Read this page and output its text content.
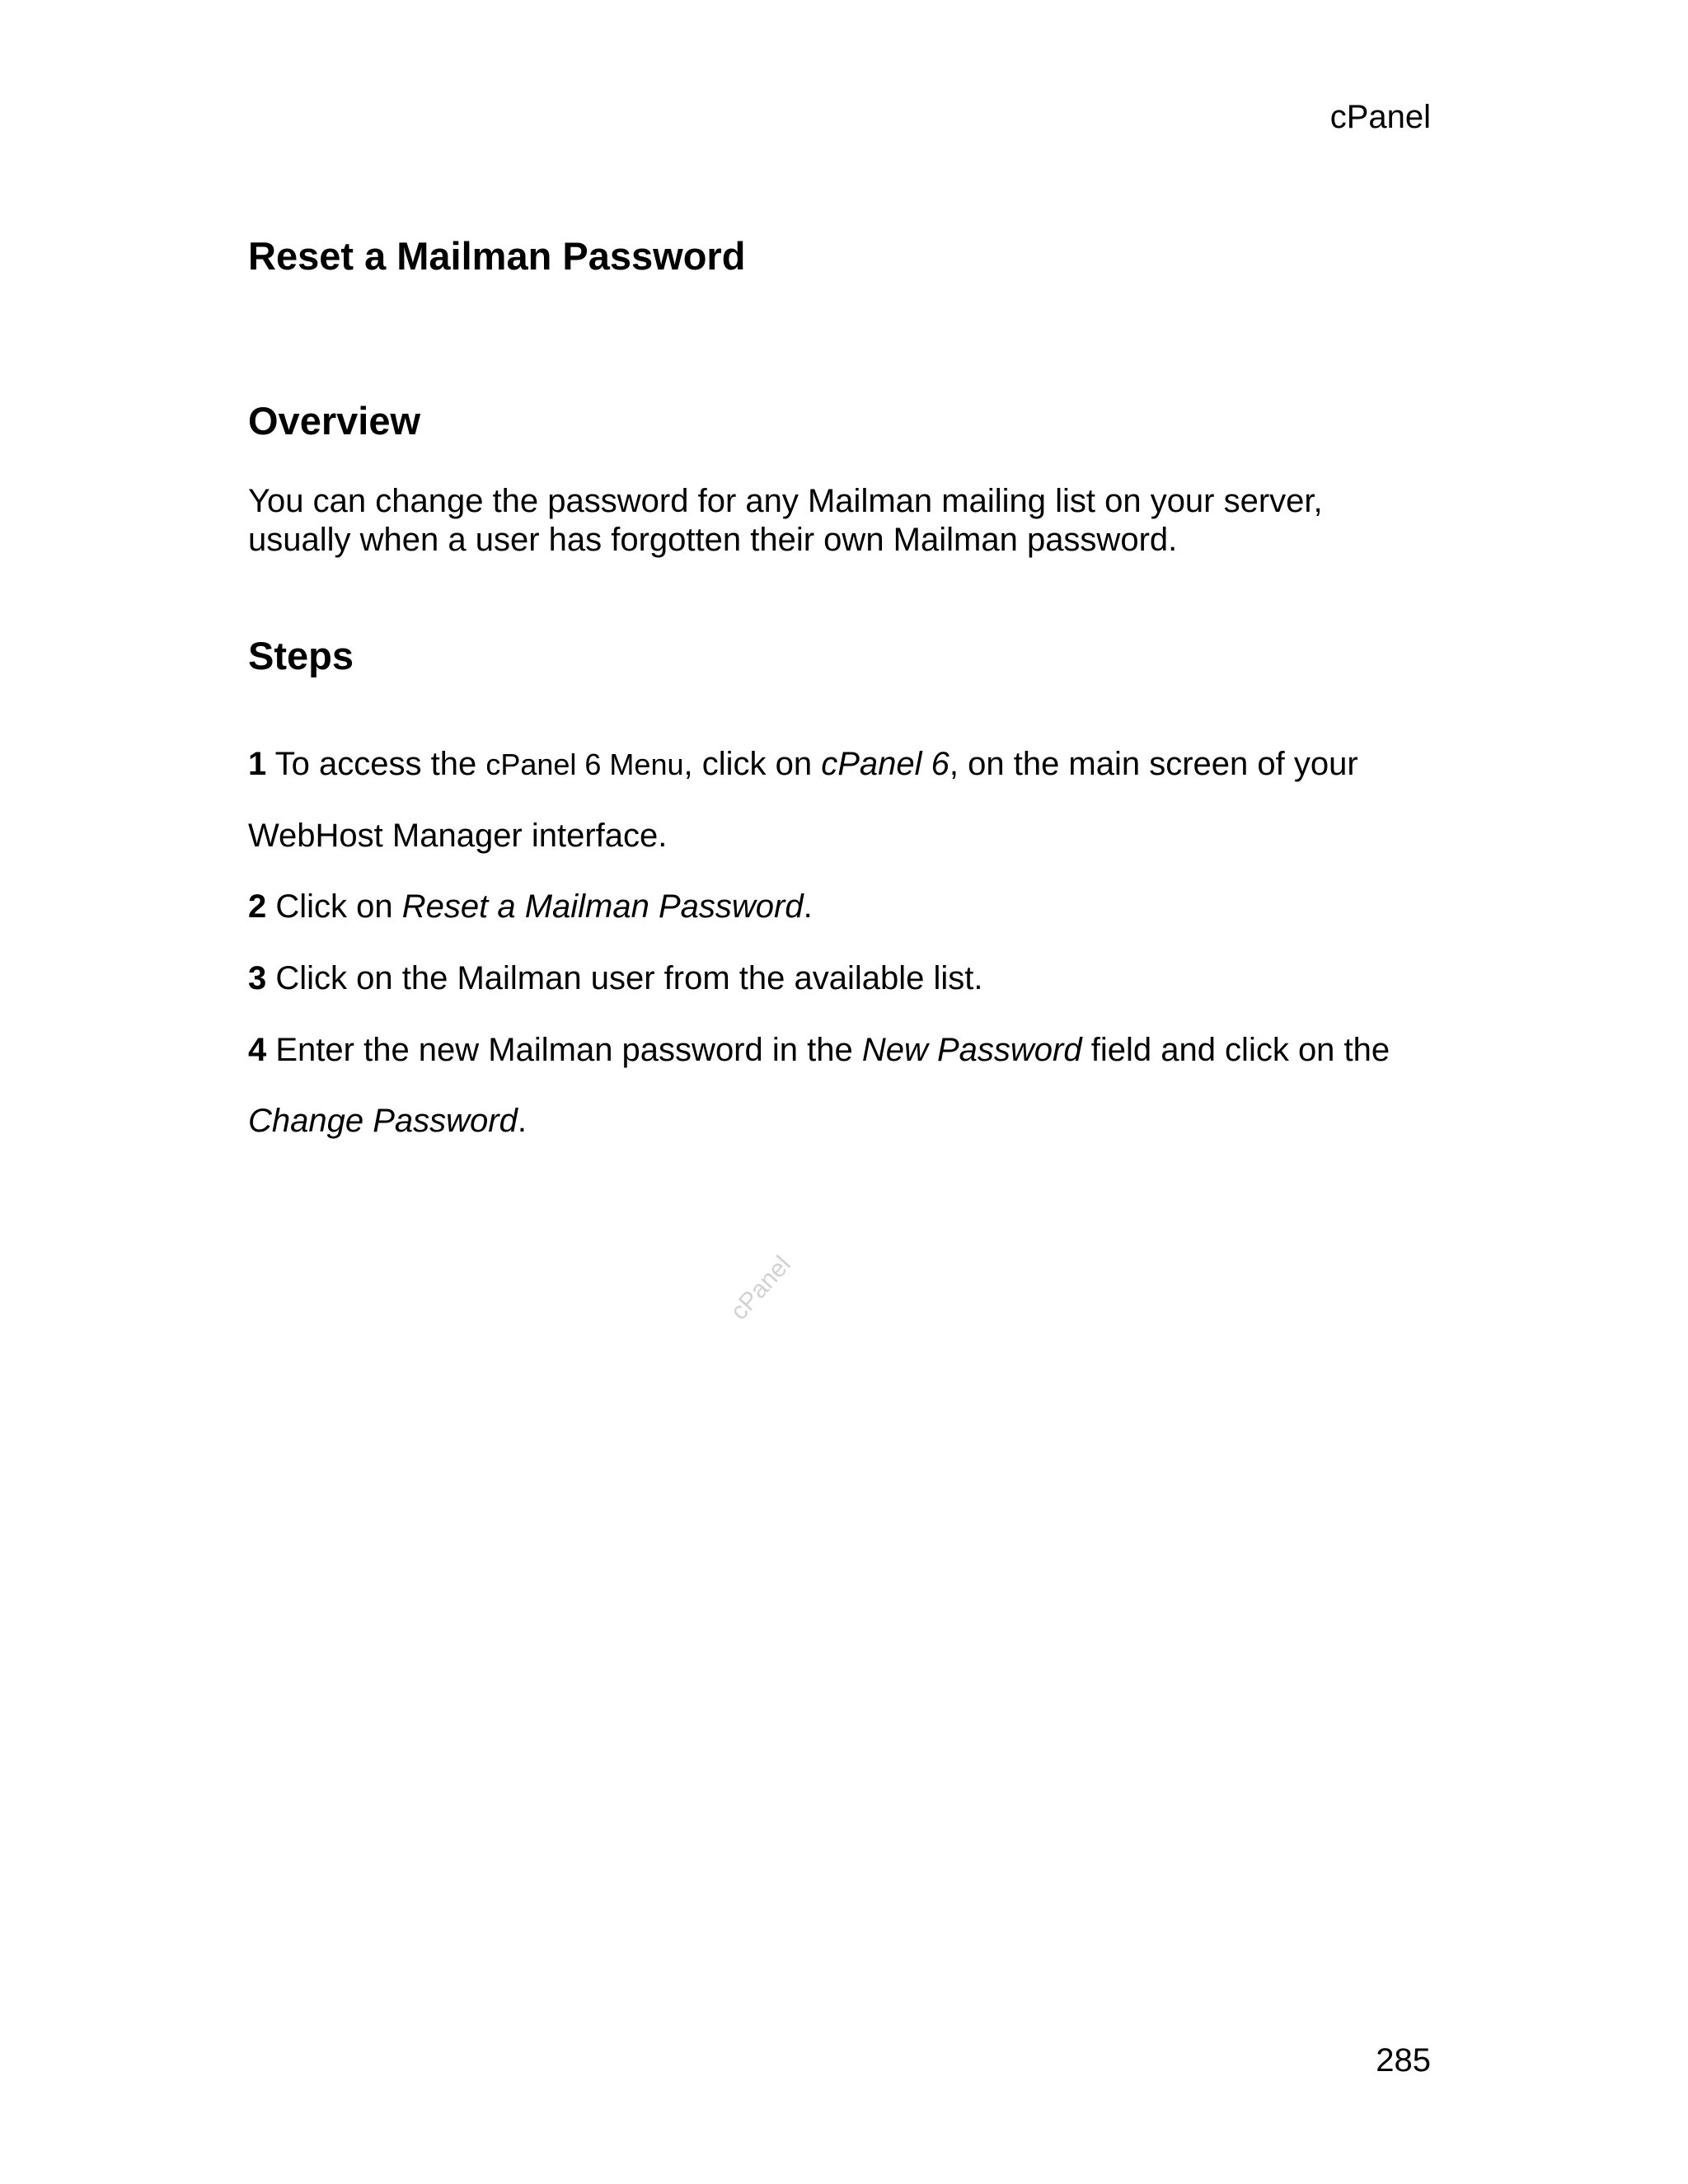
cPanel
Reset a Mailman Password
Overview

You can change the password for any Mailman mailing list on your server, usually when a user has forgotten their own Mailman password.

Steps

1 To access the cPanel 6 Menu, click on cPanel 6, on the main screen of your

WebHost Manager interface.

2 Click on Reset a Mailman Password.

3 Click on the Mailman user from the available list.

4 Enter the new Mailman password in the New Password field and click on the

Change Password.

cPanel
285
